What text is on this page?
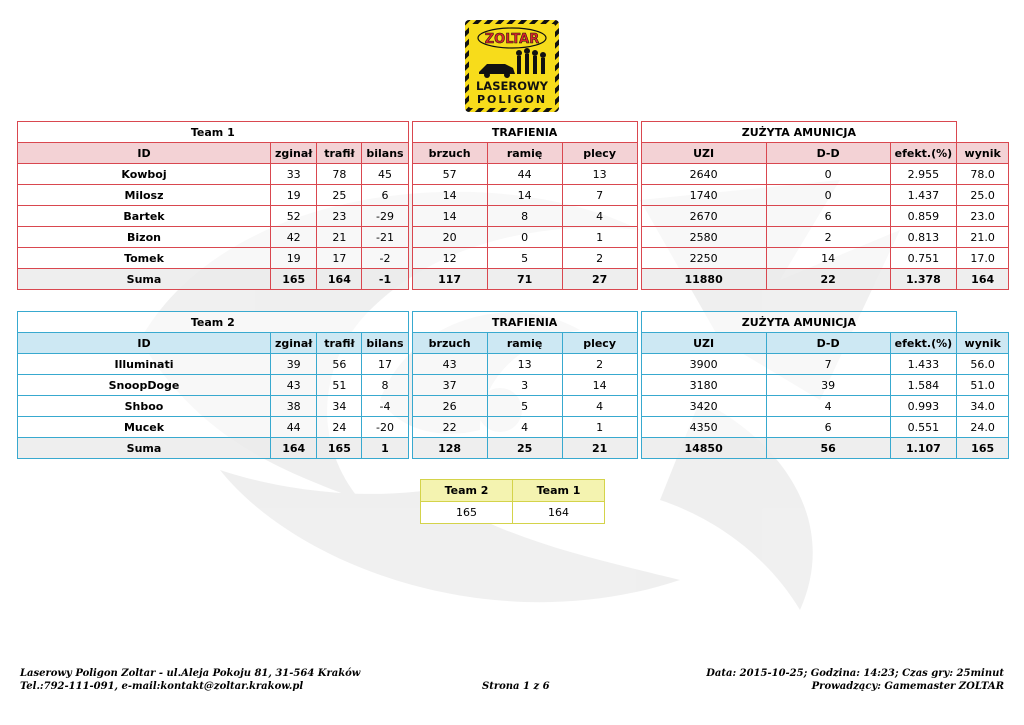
ZOLTAR
LASEROWY
POLIGON
Team 1					TRAFIENIA				ZUŻYTA AMUNICJA			
ID	zginał	trafił	bilans		brzuch	ramię	plecy		UZI	D-D	efekt.(%)	wynik
Kowboj	33	78	45		57	44	13		2640	0	2.955	78.0
Milosz	19	25	6		14	14	7		1740	0	1.437	25.0
Bartek	52	23	-29		14	8	4		2670	6	0.859	23.0
Bizon	42	21	-21		20	0	1		2580	2	0.813	21.0
Tomek	19	17	-2		12	5	2		2250	14	0.751	17.0
Suma	165	164	-1		117	71	27		11880	22	1.378	164
Team 2					TRAFIENIA				ZUŻYTA AMUNICJA			
ID	zginał	trafił	bilans		brzuch	ramię	plecy		UZI	D-D	efekt.(%)	wynik
Illuminati	39	56	17		43	13	2		3900	7	1.433	56.0
SnoopDoge	43	51	8		37	3	14		3180	39	1.584	51.0
Shboo	38	34	-4		26	5	4		3420	4	0.993	34.0
Mucek	44	24	-20		22	4	1		4350	6	0.551	24.0
Suma	164	165	1		128	25	21		14850	56	1.107	165
Team 2	Team 1
165	164
Laserowy Poligon Zoltar - ul.Aleja Pokoju 81, 31-564 Kraków
Tel.:792-111-091, e-mail:kontakt@zoltar.krakow.pl	Strona 1 z 6
Data: 2015-10-25; Godzina: 14:23; Czas gry: 25minut
Prowadzący: Gamemaster ZOLTAR
